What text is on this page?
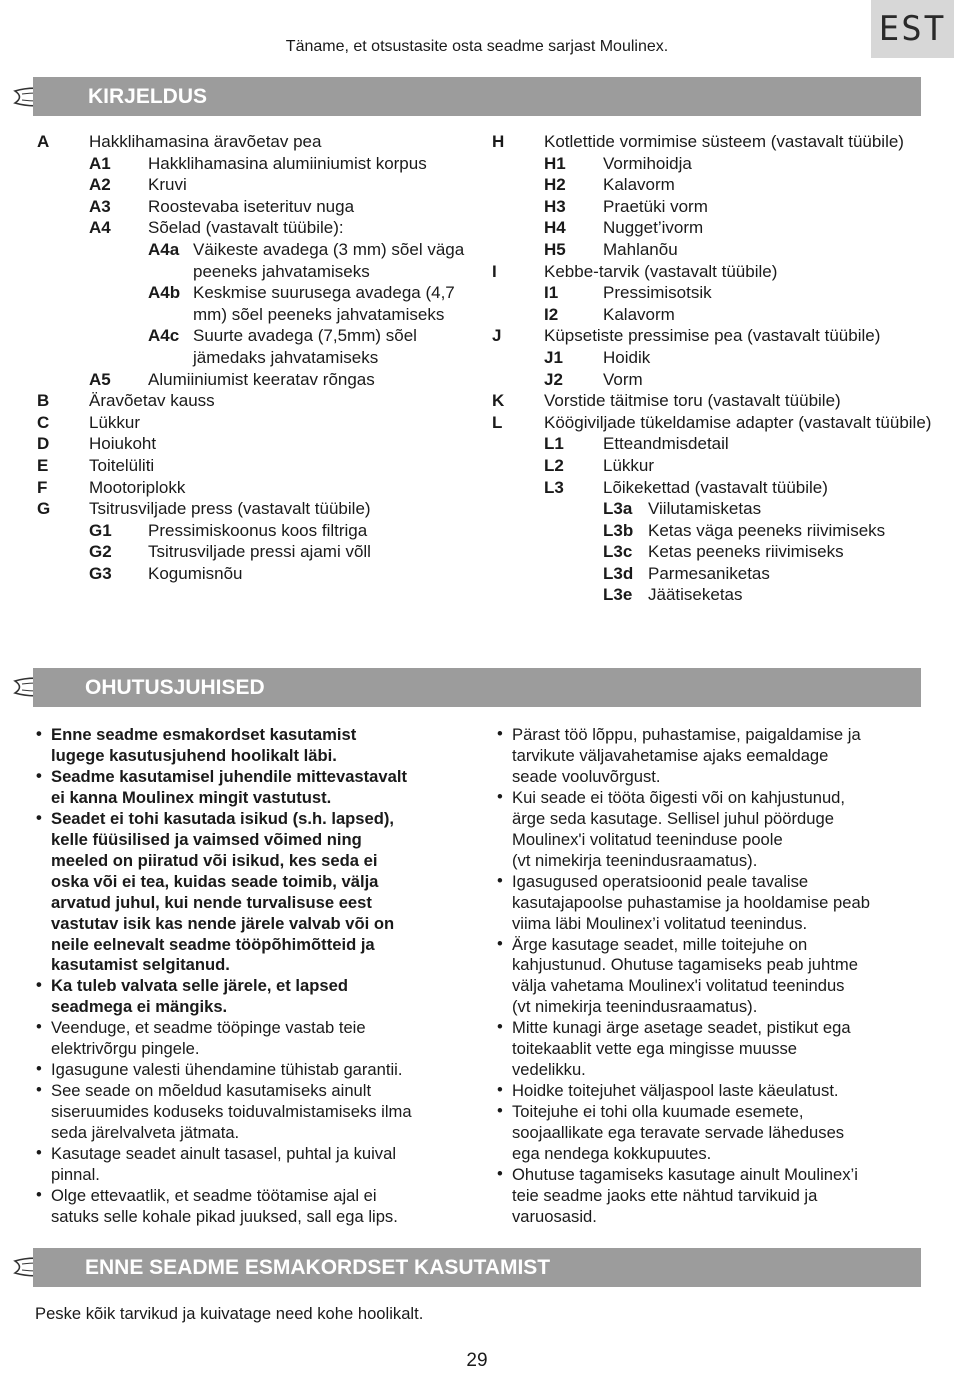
EST
Täname, et otsustasite osta seadme sarjast Moulinex.
KIRJELDUS
A Hakklihamasina äravõetav pea
A1 Hakklihamasina alumiiniumist korpus
A2 Kruvi
A3 Roostevaba iseterituv nuga
A4 Sõelad (vastavalt tüübile):
A4a Väikeste avadega (3 mm) sõel väga peeneks jahvatamiseks
A4b Keskmise suurusega avadega (4,7 mm) sõel peeneks jahvatamiseks
A4c Suurte avadega (7,5mm) sõel jämedaks jahvatamiseks
A5 Alumiiniumist keeratav rõngas
B Äravõetav kauss
C Lükkur
D Hoiukoht
E Toitelüliti
F Mootoriplokk
G Tsitrusviljade press (vastavalt tüübile)
G1 Pressimiskoonus koos filtriga
G2 Tsitrusviljade pressi ajami võll
G3 Kogumisnõu
H Kotlettide vormimise süsteem (vastavalt tüübile)
H1 Vormihoidja
H2 Kalavorm
H3 Praetüki vorm
H4 Nugget’ivorm
H5 Mahlanõu
I	Kebbe-tarvik (vastavalt tüübile)
I1	Pressimisotsik
I2	Kalavorm
J	Küpsetiste pressimise pea (vastavalt tüübile)
J1 Hoidik
J2 Vorm
K Vorstide täitmise toru (vastavalt tüübile)
L Köögiviljade tükeldamise adapter (vastavalt tüübile)
L1 Etteandmisdetail
L2 Lükkur
L3 Lõikekettad (vastavalt tüübile)
L3a Viilutamisketas
L3b Ketas väga peeneks riivimiseks
L3c Ketas peeneks riivimiseks
L3d Parmesaniketas
L3e Jäätiseketas
OHUTUSJUHISED
• Enne seadme esmakordset kasutamist
lugege kasutusjuhend hoolikalt läbi.
• Seadme kasutamisel juhendile mittevastavalt
ei kanna Moulinex mingit vastutust.
• Seadet ei tohi kasutada isikud (s.h. lapsed),
kelle füüsilised ja vaimsed võimed ning
meeled on piiratud või isikud, kes seda ei
oska või ei tea, kuidas seade toimib, välja
arvatud juhul, kui nende turvalisuse eest
vastutav isik kas nende järele valvab või on
neile eelnevalt seadme tööpõhimõtteid ja
kasutamist selgitanud.
• Ka tuleb valvata selle järele, et lapsed
seadmega ei mängiks.
• Veenduge, et seadme tööpinge vastab teie
elektrivõrgu pingele.
• Igasugune valesti ühendamine tühistab garantii.
• See seade on mõeldud kasutamiseks ainult
siseruumides koduseks toiduvalmistamiseks ilma
seda järelvalveta jätmata.
• Kasutage seadet ainult tasasel, puhtal ja kuival
pinnal.
• Olge ettevaatlik, et seadme töötamise ajal ei
satuks selle kohale pikad juuksed, sall ega lips.
• Pärast töö lõppu, puhastamise, paigaldamise ja
tarvikute väljavahetamise ajaks eemaldage
seade vooluvõrgust.
• Kui seade ei tööta õigesti või on kahjustunud,
ärge seda kasutage. Sellisel juhul pöörduge
Moulinex'i volitatud teeninduse poole
(vt nimekirja teenindusraamatus).
• Igasugused operatsioonid peale tavalise
kasutajapoolse puhastamise ja hooldamise peab
viima läbi Moulinex’i volitatud teenindus.
• Ärge kasutage seadet, mille toitejuhe on
kahjustunud. Ohutuse tagamiseks peab juhtme
välja vahetama Moulinex'i volitatud teenindus
(vt nimekirja teenindusraamatus).
• Mitte kunagi ärge asetage seadet, pistikut ega
toitekaablit vette ega mingisse muusse
vedelikku.
• Hoidke toitejuhet väljaspool laste käeulatust.
• Toitejuhe ei tohi olla kuumade esemete,
soojaallikate ega teravate servade läheduses
ega nendega kokkupuutes.
• Ohutuse tagamiseks kasutage ainult Moulinex’i
teie seadme jaoks ette nähtud tarvikuid ja
varuosasid.
ENNE SEADME ESMAKORDSET KASUTAMIST
Peske kõik tarvikud ja kuivatage need kohe hoolikalt.
29
